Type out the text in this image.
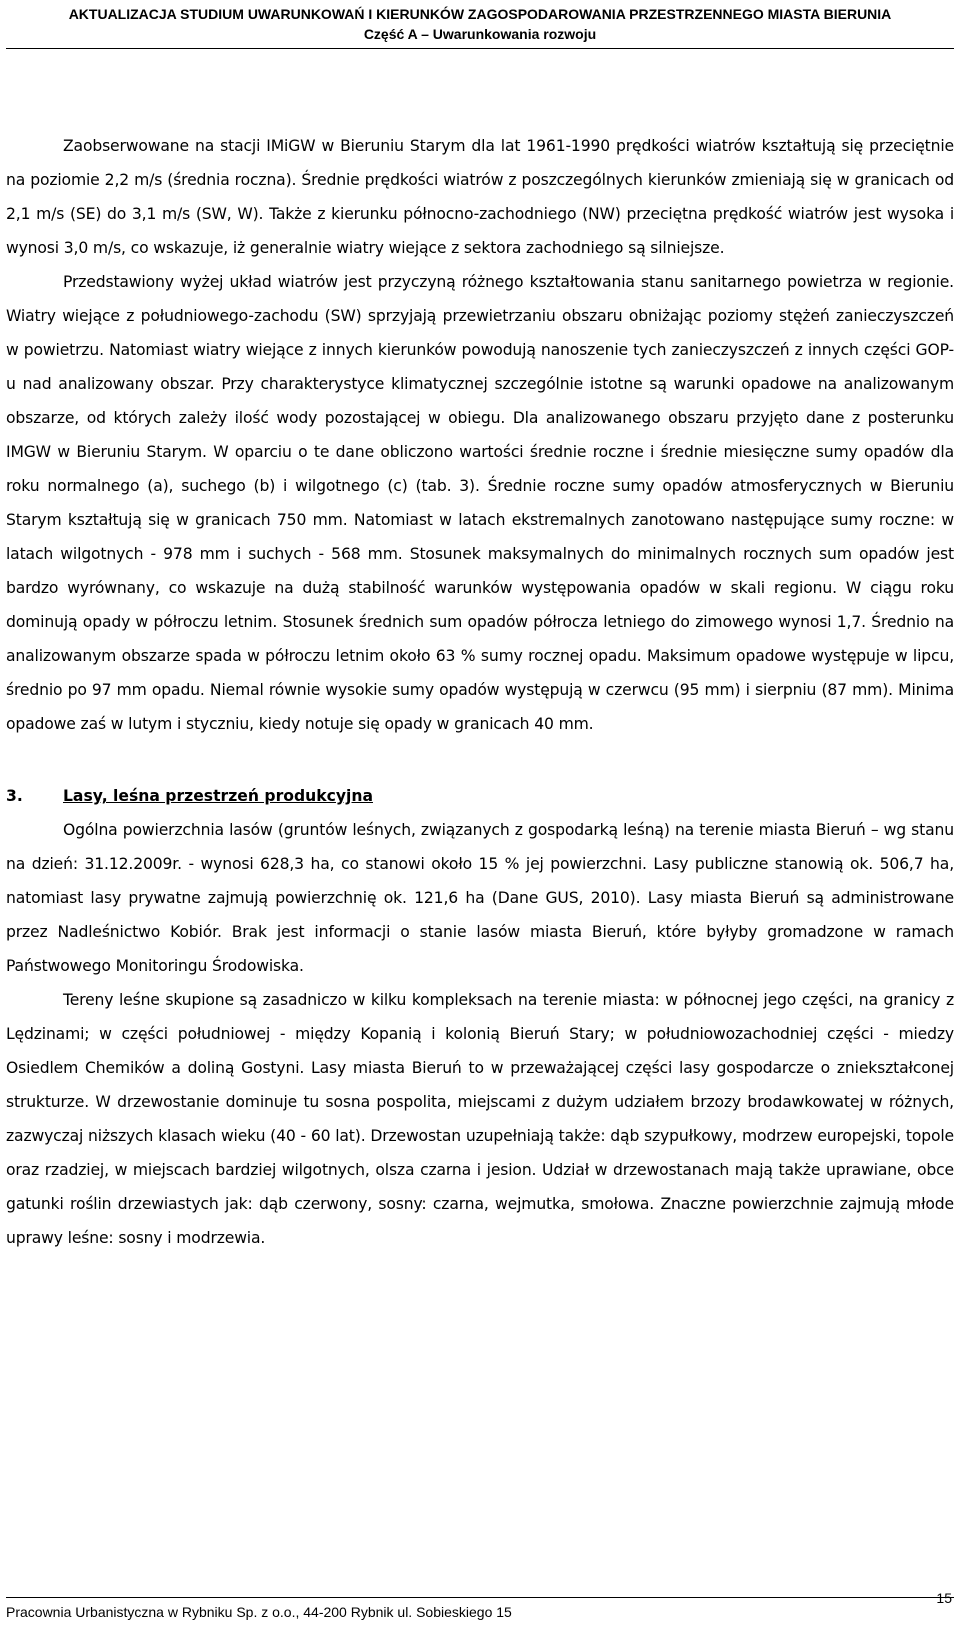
AKTUALIZACJA STUDIUM UWARUNKOWAŃ I KIERUNKÓW ZAGOSPODAROWANIA PRZESTRZENNEGO MIASTA BIERUNIA
Część A – Uwarunkowania rozwoju

Zaobserwowane na stacji IMiGW w Bieruniu Starym dla lat 1961-1990 prędkości wiatrów kształtują się przeciętnie na poziomie 2,2 m/s (średnia roczna). Średnie prędkości wiatrów z poszczególnych kierunków zmieniają się w granicach od 2,1 m/s (SE) do 3,1 m/s (SW, W). Także z kierunku północno-zachodniego (NW) przeciętna prędkość wiatrów jest wysoka i wynosi 3,0 m/s, co wskazuje, iż generalnie wiatry wiejące z sektora zachodniego są silniejsze.

Przedstawiony wyżej układ wiatrów jest przyczyną różnego kształtowania stanu sanitarnego powietrza w regionie. Wiatry wiejące z południowego-zachodu (SW) sprzyjają przewietrzaniu obszaru obniżając poziomy stężeń zanieczyszczeń w powietrzu. Natomiast wiatry wiejące z innych kierunków powodują nanoszenie tych zanieczyszczeń z innych części GOP-u nad analizowany obszar. Przy charakterystyce klimatycznej szczególnie istotne są warunki opadowe na analizowanym obszarze, od których zależy ilość wody pozostającej w obiegu. Dla analizowanego obszaru przyjęto dane z posterunku IMGW w Bieruniu Starym. W oparciu o te dane obliczono wartości średnie roczne i średnie miesięczne sumy opadów dla roku normalnego (a), suchego (b) i wilgotnego (c) (tab. 3). Średnie roczne sumy opadów atmosferycznych w Bieruniu Starym kształtują się w granicach 750 mm. Natomiast w latach ekstremalnych zanotowano następujące sumy roczne: w latach wilgotnych - 978 mm i suchych - 568 mm. Stosunek maksymalnych do minimalnych rocznych sum opadów jest bardzo wyrównany, co wskazuje na dużą stabilność warunków występowania opadów w skali regionu. W ciągu roku dominują opady w półroczu letnim. Stosunek średnich sum opadów półrocza letniego do zimowego wynosi 1,7. Średnio na analizowanym obszarze spada w półroczu letnim około 63 % sumy rocznej opadu. Maksimum opadowe występuje w lipcu, średnio po 97 mm opadu. Niemal równie wysokie sumy opadów występują w czerwcu (95 mm) i sierpniu (87 mm). Minima opadowe zaś w lutym i styczniu, kiedy notuje się opady w granicach 40 mm.

3.	Lasy, leśna przestrzeń produkcyjna

Ogólna powierzchnia lasów (gruntów leśnych, związanych z gospodarką leśną) na terenie miasta Bieruń – wg stanu na dzień: 31.12.2009r. - wynosi 628,3 ha, co stanowi około 15 % jej powierzchni. Lasy publiczne stanowią ok. 506,7 ha, natomiast lasy prywatne zajmują powierzchnię ok. 121,6 ha (Dane GUS, 2010). Lasy miasta Bieruń są administrowane przez Nadleśnictwo Kobiór. Brak jest informacji o stanie lasów miasta Bieruń, które byłyby gromadzone w ramach Państwowego Monitoringu Środowiska.

Tereny leśne skupione są zasadniczo w kilku kompleksach na terenie miasta: w północnej jego części, na granicy z Lędzinami; w części południowej - między Kopanią i kolonią Bieruń Stary; w południowozachodniej części - miedzy Osiedlem Chemików a doliną Gostyni. Lasy miasta Bieruń to w przeważającej części lasy gospodarcze o zniekształconej strukturze. W drzewostanie dominuje tu sosna pospolita, miejscami z dużym udziałem brzozy brodawkowatej w różnych, zazwyczaj niższych klasach wieku (40 - 60 lat). Drzewostan uzupełniają także: dąb szypułkowy, modrzew europejski, topole oraz rzadziej, w miejscach bardziej wilgotnych, olsza czarna i jesion. Udział w drzewostanach mają także uprawiane, obce gatunki roślin drzewiastych jak: dąb czerwony, sosny: czarna, wejmutka, smołowa. Znaczne powierzchnie zajmują młode uprawy leśne: sosny i modrzewia.

Pracownia Urbanistyczna w Rybniku Sp. z o.o., 44-200 Rybnik ul. Sobieskiego 15
15
